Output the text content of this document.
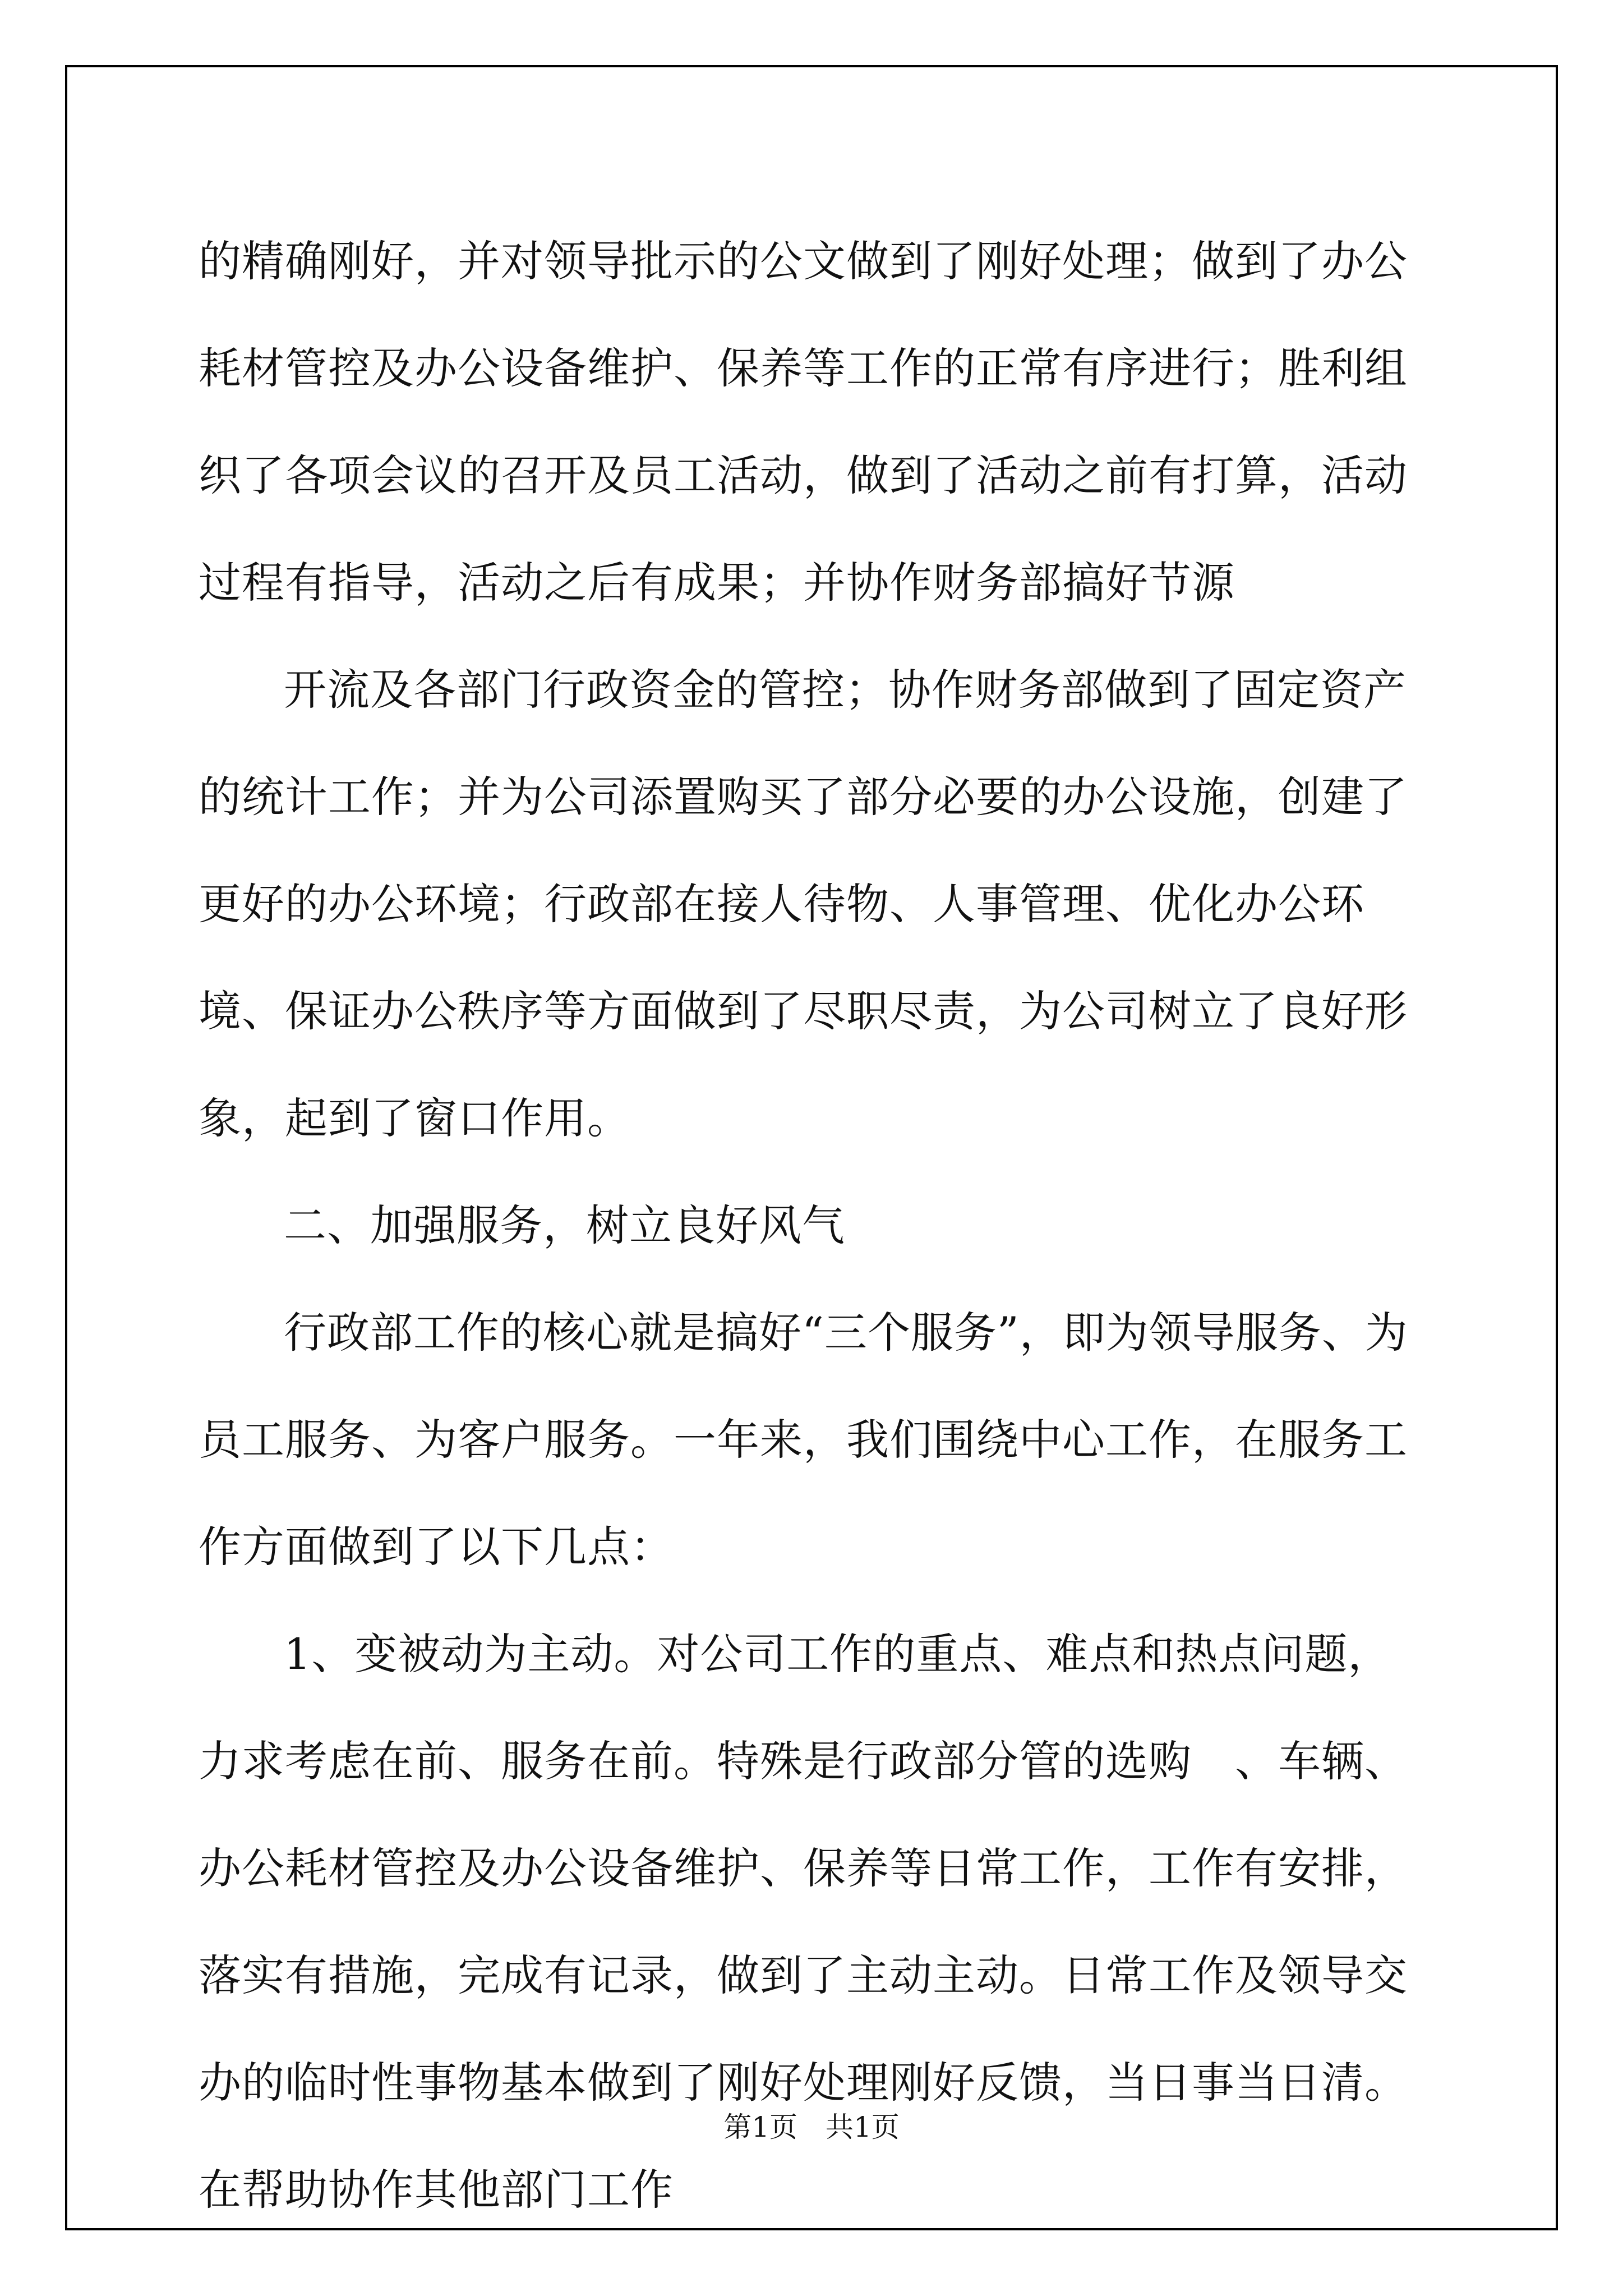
的精确刚好，并对领导批示的公文做到了刚好处理；做到了办公耗材管控及办公设备维护、保养等工作的正常有序进行；胜利组织了各项会议的召开及员工活动，做到了活动之前有打算，活动过程有指导，活动之后有成果；并协作财务部搞好节源

开流及各部门行政资金的管控；协作财务部做到了固定资产的统计工作；并为公司添置购买了部分必要的办公设施，创建了更好的办公环境；行政部在接人待物、人事管理、优化办公环境、保证办公秩序等方面做到了尽职尽责，为公司树立了良好形象，起到了窗口作用。

二、加强服务，树立良好风气

行政部工作的核心就是搞好“三个服务”，即为领导服务、为员工服务、为客户服务。一年来，我们围绕中心工作，在服务工作方面做到了以下几点：

1、变被动为主动。对公司工作的重点、难点和热点问题，力求考虑在前、服务在前。特殊是行政部分管的选购　、车辆、办公耗材管控及办公设备维护、保养等日常工作，工作有安排，落实有措施，完成有记录，做到了主动主动。日常工作及领导交办的临时性事物基本做到了刚好处理刚好反馈，当日事当日清。在帮助协作其他部门工作

第1页　共1页
